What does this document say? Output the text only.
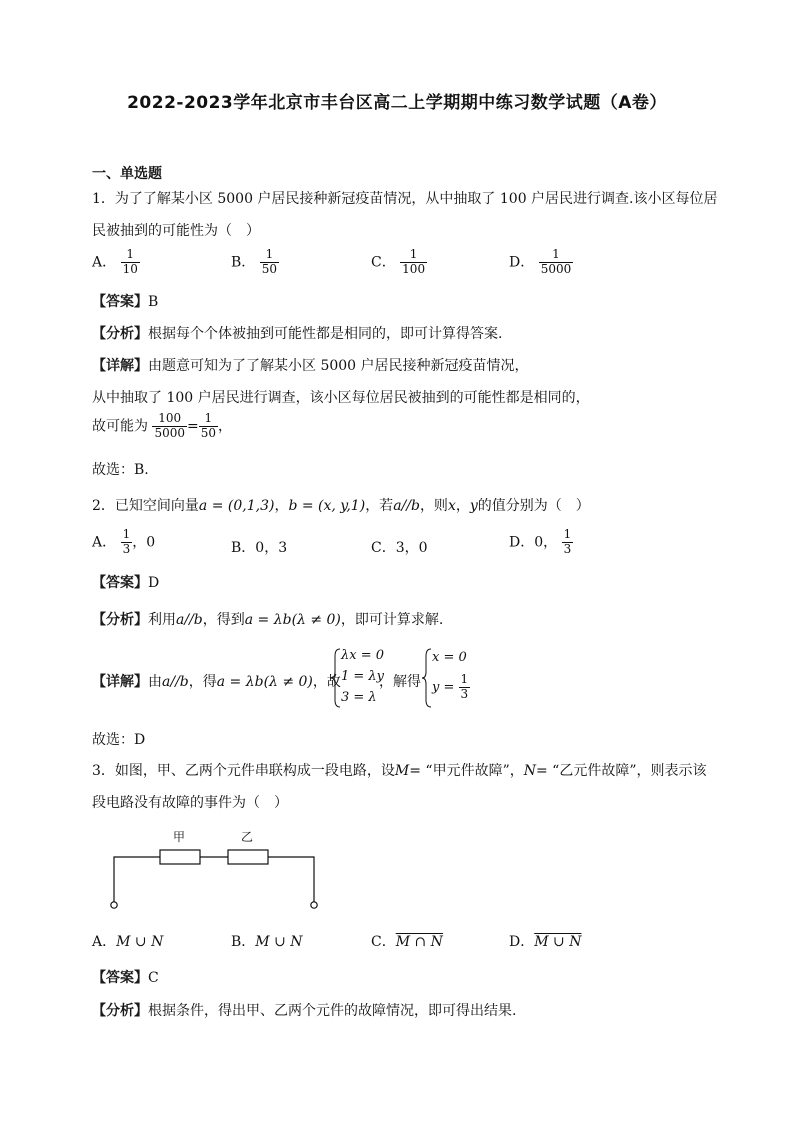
2022-2023学年北京市丰台区高二上学期期中练习数学试题（A卷）
一、单选题
1．为了了解某小区 5000 户居民接种新冠疫苗情况，从中抽取了 100 户居民进行调查.该小区每位居
民被抽到的可能性为（　）
A． $\frac{1}{10}$	B． $\frac{1}{50}$	C． $\frac{1}{100}$	D． $\frac{1}{5000}$
【答案】B
【分析】根据每个个体被抽到可能性都是相同的，即可计算得答案.
【详解】由题意可知为了了解某小区 5000 户居民接种新冠疫苗情况，
从中抽取了 100 户居民进行调查，该小区每位居民被抽到的可能性都是相同的，
故可能为 $\frac{100}{5000} = \frac{1}{50}$ ，
故选：B.
2．已知空间向量a = (0,1,3)，b = (x, y,1)，若a//b，则x，y的值分别为（　）
A． $\frac{1}{3}$ ，0	B．0，3	C．3，0	D．0， $\frac{1}{3}$
【答案】D
【分析】利用a//b，得到a = λb(λ ≠ 0)，即可计算求解.
【详解】由a//b，得a = λb(λ ≠ 0)，故
λx = 0
1 = λy
3 = λ
，解得
x = 0
$y = \frac{1}{3}$
故选：D
3．如图，甲、乙两个元件串联构成一段电路，设M= “甲元件故障”，N= “乙元件故障”，则表示该
段电路没有故障的事件为（　）
甲	乙
A．M ∪ N	B．M ∪ N	C．M ∩ N	D．M ∪ N
【答案】C
【分析】根据条件，得出甲、乙两个元件的故障情况，即可得出结果.
